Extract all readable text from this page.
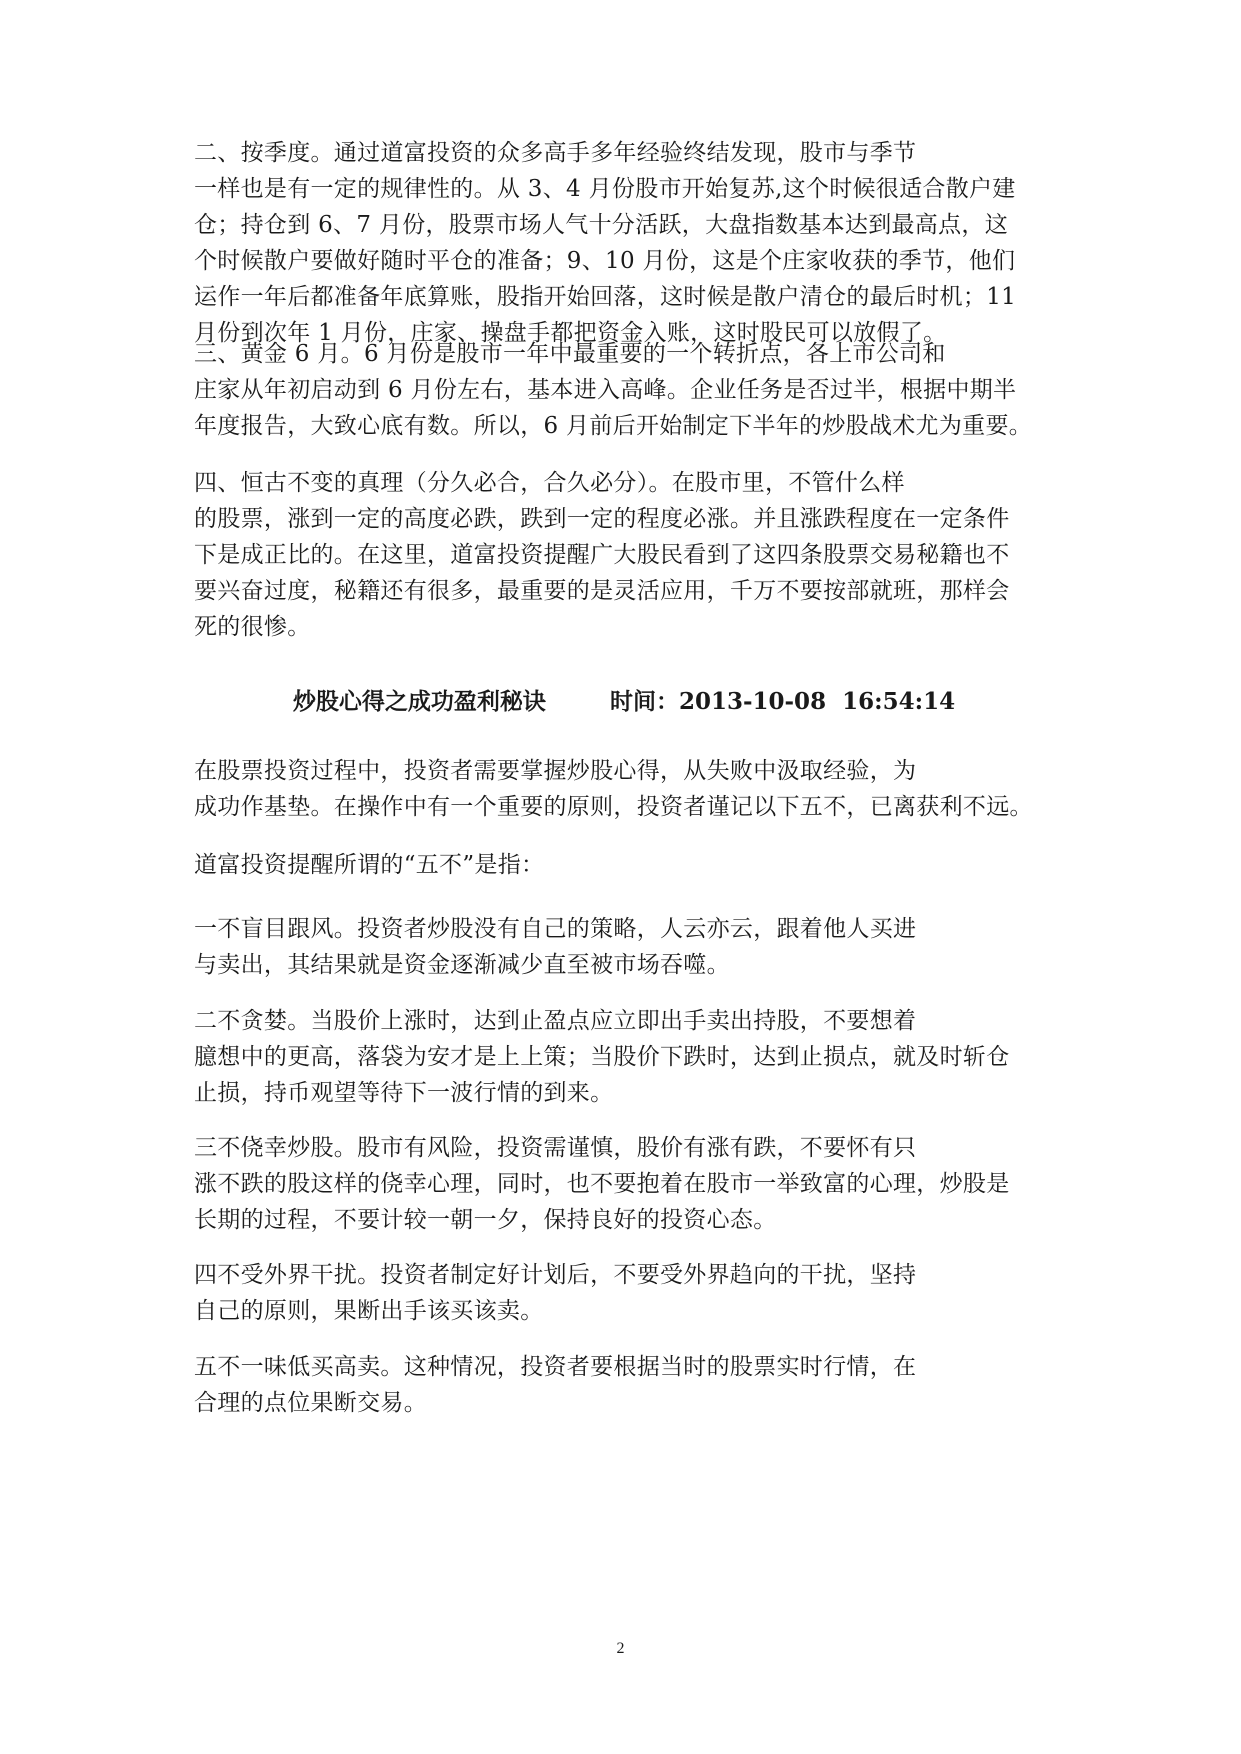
二、按季度。通过道富投资的众多高手多年经验终结发现，股市与季节
一样也是有一定的规律性的。从 3、4 月份股市开始复苏,这个时候很适合散户建
仓；持仓到 6、7 月份，股票市场人气十分活跃，大盘指数基本达到最高点，这
个时候散户要做好随时平仓的准备；9、10 月份，这是个庄家收获的季节，他们
运作一年后都准备年底算账，股指开始回落，这时候是散户清仓的最后时机；11
月份到次年 1 月份，庄家、操盘手都把资金入账，这时股民可以放假了。

三、黄金 6 月。6 月份是股市一年中最重要的一个转折点，各上市公司和
庄家从年初启动到 6 月份左右，基本进入高峰。企业任务是否过半，根据中期半
年度报告，大致心底有数。所以，6 月前后开始制定下半年的炒股战术尤为重要。

四、恒古不变的真理（分久必合，合久必分）。在股市里，不管什么样
的股票，涨到一定的高度必跌，跌到一定的程度必涨。并且涨跌程度在一定条件
下是成正比的。在这里，道富投资提醒广大股民看到了这四条股票交易秘籍也不
要兴奋过度，秘籍还有很多，最重要的是灵活应用，千万不要按部就班，那样会
死的很惨。

炒股心得之成功盈利秘诀        时间：2013-10-08  16:54:14

在股票投资过程中，投资者需要掌握炒股心得，从失败中汲取经验，为
成功作基垫。在操作中有一个重要的原则，投资者谨记以下五不，已离获利不远。

道富投资提醒所谓的“五不”是指：

一不盲目跟风。投资者炒股没有自己的策略，人云亦云，跟着他人买进
与卖出，其结果就是资金逐渐减少直至被市场吞噬。

二不贪婪。当股价上涨时，达到止盈点应立即出手卖出持股，不要想着
臆想中的更高，落袋为安才是上上策；当股价下跌时，达到止损点，就及时斩仓
止损，持币观望等待下一波行情的到来。

三不侥幸炒股。股市有风险，投资需谨慎，股价有涨有跌，不要怀有只
涨不跌的股这样的侥幸心理，同时，也不要抱着在股市一举致富的心理，炒股是
长期的过程，不要计较一朝一夕，保持良好的投资心态。

四不受外界干扰。投资者制定好计划后，不要受外界趋向的干扰，坚持
自己的原则，果断出手该买该卖。

五不一味低买高卖。这种情况，投资者要根据当时的股票实时行情，在
合理的点位果断交易。

2
